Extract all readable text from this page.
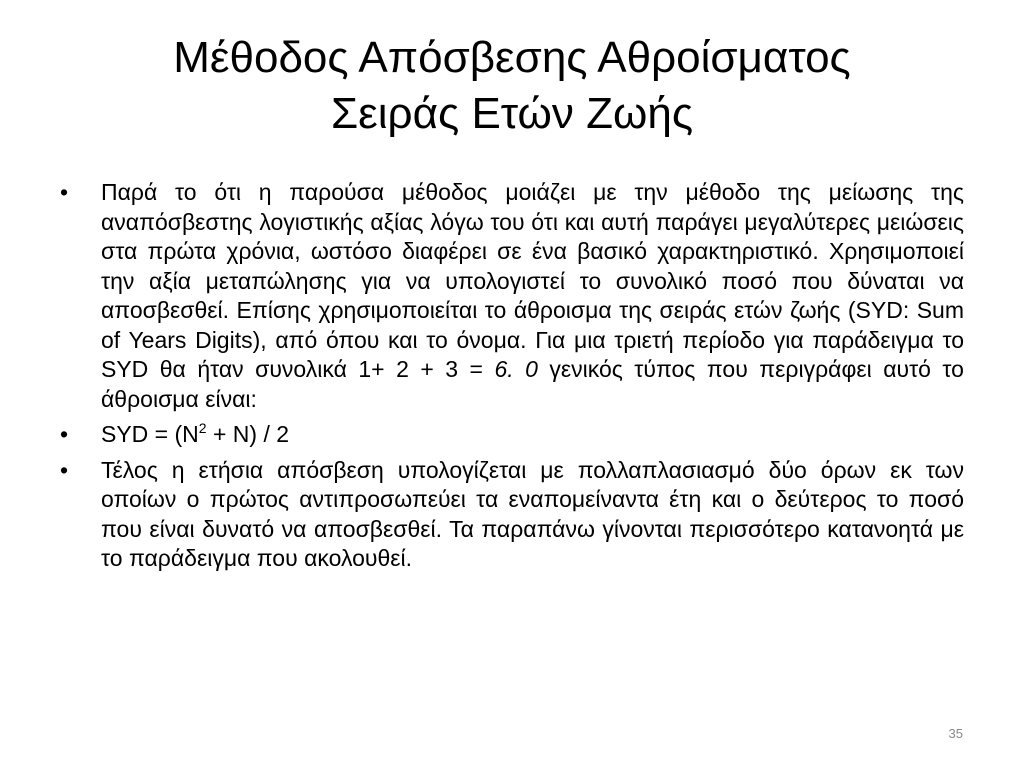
Μέθοδος Απόσβεσης Αθροίσματος
Σειράς Ετών Ζωής
•	Παρά το ότι η παρούσα μέθοδος μοιάζει με την μέθοδο της μείωσης της αναπόσβεστης λογιστικής αξίας λόγω του ότι και αυτή παράγει μεγαλύτερες μειώσεις στα πρώτα χρόνια, ωστόσο διαφέρει σε ένα βασικό χαρακτηριστικό. Χρησιμοποιεί την αξία μεταπώλησης για να υπολογιστεί το συνολικό ποσό που δύναται να αποσβεσθεί. Επίσης χρησιμοποιείται το άθροισμα της σειράς ετών ζωής (SYD: Sum of Years Digits), από όπου και το όνομα. Για μια τριετή περίοδο για παράδειγμα το SYD θα ήταν συνολικά 1+ 2 + 3 = 6. 0 γενικός τύπος που περιγράφει αυτό το άθροισμα είναι:
•	SYD = $(N^2 + N) / 2$
•	Τέλος η ετήσια απόσβεση υπολογίζεται με πολλαπλασιασμό δύο όρων εκ των οποίων ο πρώτος αντιπροσωπεύει τα εναπομείναντα έτη και ο δεύτερος το ποσό που είναι δυνατό να αποσβεσθεί. Τα παραπάνω γίνονται περισσότερο κατανοητά με το παράδειγμα που ακολουθεί.
35
